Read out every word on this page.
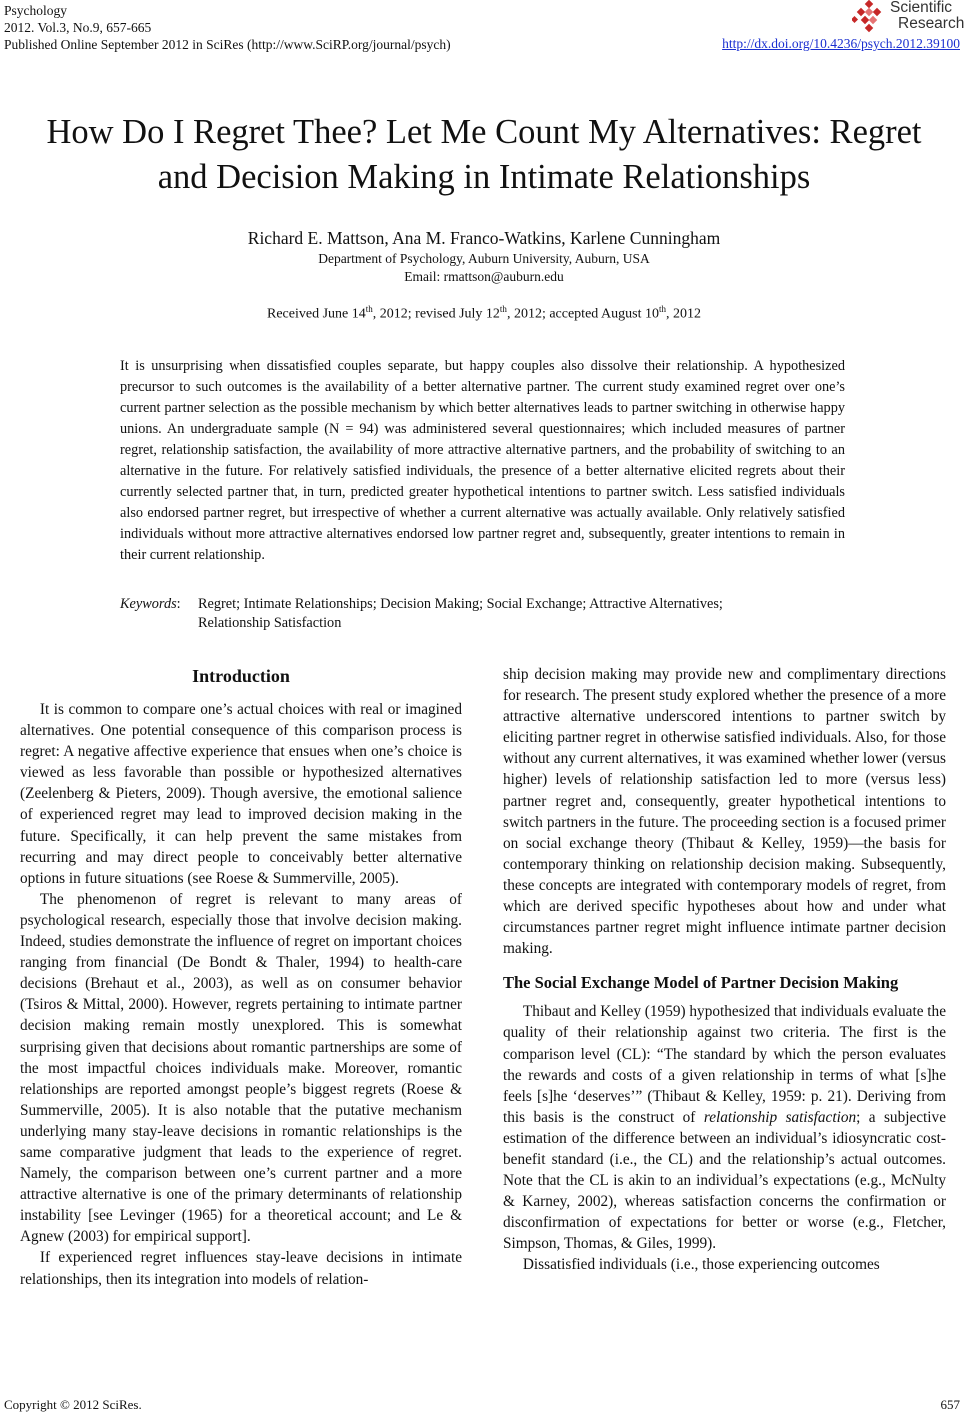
Psychology
2012. Vol.3, No.9, 657-665
Published Online September 2012 in SciRes (http://www.SciRP.org/journal/psych)
Scientific
Research
http://dx.doi.org/10.4236/psych.2012.39100
How Do I Regret Thee? Let Me Count My Alternatives: Regret
and Decision Making in Intimate Relationships
Richard E. Mattson, Ana M. Franco-Watkins, Karlene Cunningham
Department of Psychology, Auburn University, Auburn, USA
Email: rmattson@auburn.edu
Received June 14th, 2012; revised July 12th, 2012; accepted August 10th, 2012
It is unsurprising when dissatisfied couples separate, but happy couples also dissolve their relationship. A hypothesized precursor to such outcomes is the availability of a better alternative partner. The current study examined regret over one’s current partner selection as the possible mechanism by which better alternatives leads to partner switching in otherwise happy unions. An undergraduate sample (N = 94) was administered several questionnaires; which included measures of partner regret, relationship satisfaction, the availability of more attractive alternative partners, and the probability of switching to an alternative in the future. For relatively satisfied individuals, the presence of a better alternative elicited regrets about their currently selected partner that, in turn, predicted greater hypothetical intentions to partner switch. Less satisfied individuals also endorsed partner regret, but irrespective of whether a current alternative was actually available. Only relatively satisfied individuals without more attractive alternatives endorsed low partner regret and, subsequently, greater intentions to remain in their current relationship.
Keywords: Regret; Intimate Relationships; Decision Making; Social Exchange; Attractive Alternatives;
Relationship Satisfaction
Introduction

It is common to compare one’s actual choices with real or imagined alternatives. One potential consequence of this comparison process is regret: A negative affective experience that ensues when one’s choice is viewed as less favorable than possible or hypothesized alternatives (Zeelenberg & Pieters, 2009). Though aversive, the emotional salience of experienced regret may lead to improved decision making in the future. Specifically, it can help prevent the same mistakes from recurring and may direct people to conceivably better alternative options in future situations (see Roese & Summerville, 2005).

The phenomenon of regret is relevant to many areas of psychological research, especially those that involve decision making. Indeed, studies demonstrate the influence of regret on important choices ranging from financial (De Bondt & Thaler, 1994) to health-care decisions (Brehaut et al., 2003), as well as on consumer behavior (Tsiros & Mittal, 2000). However, regrets pertaining to intimate partner decision making remain mostly unexplored. This is somewhat surprising given that decisions about romantic partnerships are some of the most impactful choices individuals make. Moreover, romantic relationships are reported amongst people’s biggest regrets (Roese & Summerville, 2005). It is also notable that the putative mechanism underlying many stay-leave decisions in romantic relationships is the same comparative judgment that leads to the experience of regret. Namely, the comparison between one’s current partner and a more attractive alternative is one of the primary determinants of relationship instability [see Levinger (1965) for a theoretical account; and Le & Agnew (2003) for empirical support].

If experienced regret influences stay-leave decisions in intimate relationships, then its integration into models of relation-

ship decision making may provide new and complimentary directions for research. The present study explored whether the presence of a more attractive alternative underscored intentions to partner switch by eliciting partner regret in otherwise satisfied individuals. Also, for those without any current alternatives, it was examined whether lower (versus higher) levels of relationship satisfaction led to more (versus less) partner regret and, consequently, greater hypothetical intentions to switch partners in the future. The proceeding section is a focused primer on social exchange theory (Thibaut & Kelley, 1959)—the basis for contemporary thinking on relationship decision making. Subsequently, these concepts are integrated with contemporary models of regret, from which are derived specific hypotheses about how and under what circumstances partner regret might influence intimate partner decision making.

The Social Exchange Model of Partner Decision Making

Thibaut and Kelley (1959) hypothesized that individuals evaluate the quality of their relationship against two criteria. The first is the comparison level (CL): “The standard by which the person evaluates the rewards and costs of a given relationship in terms of what [s]he feels [s]he ‘deserves’” (Thibaut & Kelley, 1959: p. 21). Deriving from this basis is the construct of relationship satisfaction; a subjective estimation of the difference between an individual’s idiosyncratic cost-benefit standard (i.e., the CL) and the relationship’s actual outcomes. Note that the CL is akin to an individual’s expectations (e.g., McNulty & Karney, 2002), whereas satisfaction concerns the confirmation or disconfirmation of expectations for better or worse (e.g., Fletcher, Simpson, Thomas, & Giles, 1999).

Dissatisfied individuals (i.e., those experiencing outcomes

Copyright © 2012 SciRes.	657
